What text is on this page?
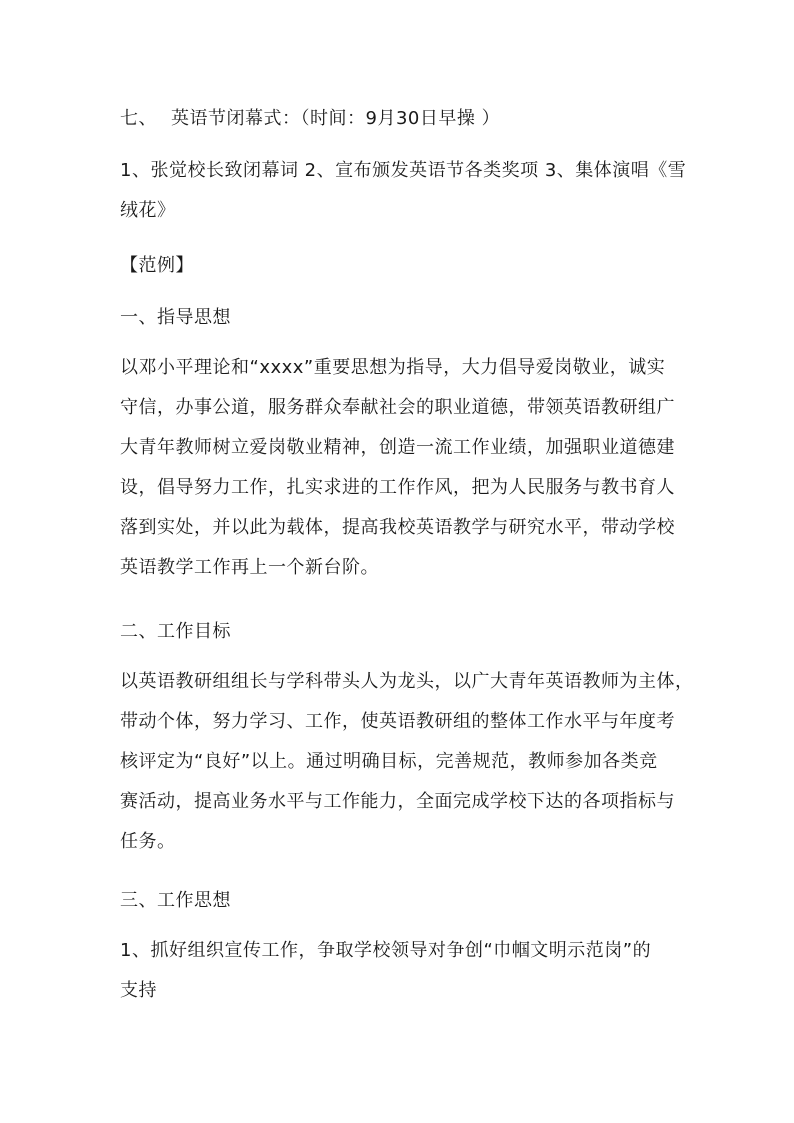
七、 英语节闭幕式：（时间：9月30日早操 ）
1、张觉校长致闭幕词 2、宣布颁发英语节各类奖项 3、集体演唱《雪
绒花》
【范例】
一、指导思想
以邓小平理论和“xxxx”重要思想为指导，大力倡导爱岗敬业，诚实
守信，办事公道，服务群众奉献社会的职业道德，带领英语教研组广
大青年教师树立爱岗敬业精神，创造一流工作业绩，加强职业道德建
设，倡导努力工作，扎实求进的工作作风，把为人民服务与教书育人
落到实处，并以此为载体，提高我校英语教学与研究水平，带动学校
英语教学工作再上一个新台阶。
二、工作目标
以英语教研组组长与学科带头人为龙头，以广大青年英语教师为主体，
带动个体，努力学习、工作，使英语教研组的整体工作水平与年度考
核评定为“良好”以上。通过明确目标，完善规范，教师参加各类竞
赛活动，提高业务水平与工作能力，全面完成学校下达的各项指标与
任务。
三、工作思想
1、抓好组织宣传工作，争取学校领导对争创“巾帼文明示范岗”的
支持
